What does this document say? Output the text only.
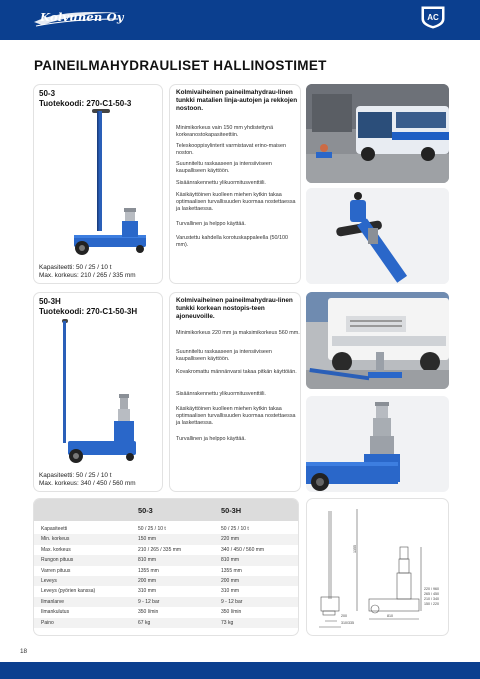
Kolvunen Oy	AC
PAINEILMAHYDRAULISET HALLINOSTIMET
50-3
Tuotekoodi: 270-C1-50-3
Kapasiteetti: 50 / 25 / 10 t
Max. korkeus: 210 / 265 / 335 mm
Kolmivaiheinen paineilmahydrau-linen tunkki matalien linja-autojen ja rekkojen nostoon.
Minimikorkeus vain 150 mm yhdistettynä korkeanostokapasiteettiin.
Teleskooppisylinterit varmistavat erino-maisen noston.
Suunniteltu raskaaseen ja intensiiviseen kaupalliseen käyttöön.
Sisäänrakennettu ylikuormitusventtiili.
Käsikäyttöinen kuolleen miehen kytkin takaa optimaalisen turvallisuuden kuormaa nostettaessa ja laskettaessa.
Turvallinen ja helppo käyttää.
Varustettu kahdella korotuskappaleella (50/100 mm).
50-3H
Tuotekoodi: 270-C1-50-3H
Kapasiteetti: 50 / 25 / 10 t
Max. korkeus: 340 / 450 / 560 mm
Kolmivaiheinen paineilmahydrau-linen tunkki korkean nostopis-teen ajoneuvoille.
Minimikorkeus 220 mm ja maksimikorkeus 560 mm.
Suunniteltu raskaaseen ja intensiiviseen kaupalliseen käyttöön.
Kovakromattu männänvarsi takaa pitkän käyttöiän.
Sisäänrakennettu ylikuormitusventtiili.
Käsikäyttöinen kuolleen miehen kytkin takaa optimaalisen turvallisuuden kuormaa nostettaessa ja laskettaessa.
Turvallinen ja helppo käyttää.
50-3	50-3H
Kapasiteetti	50 / 25 / 10 t	50 / 25 / 10 t
Min. korkeus	150 mm	220 mm
Max. korkeus	210 / 265 / 335 mm	340 / 450 / 560 mm
Rungon pituus	810 mm	810 mm
Varren pituus	1355 mm	1355 mm
Leveys	200 mm	200 mm
Leveys (pyörien kanssa)	310 mm	310 mm
Ilmanlarve	9 - 12 bar	9 - 12 bar
Ilmankulutus	350 l/min	350 l/min
Paino	67 kg	73 kg
1355
200
310/335
810
220 / 960
265 / 450
210 / 340
150 / 220
18
